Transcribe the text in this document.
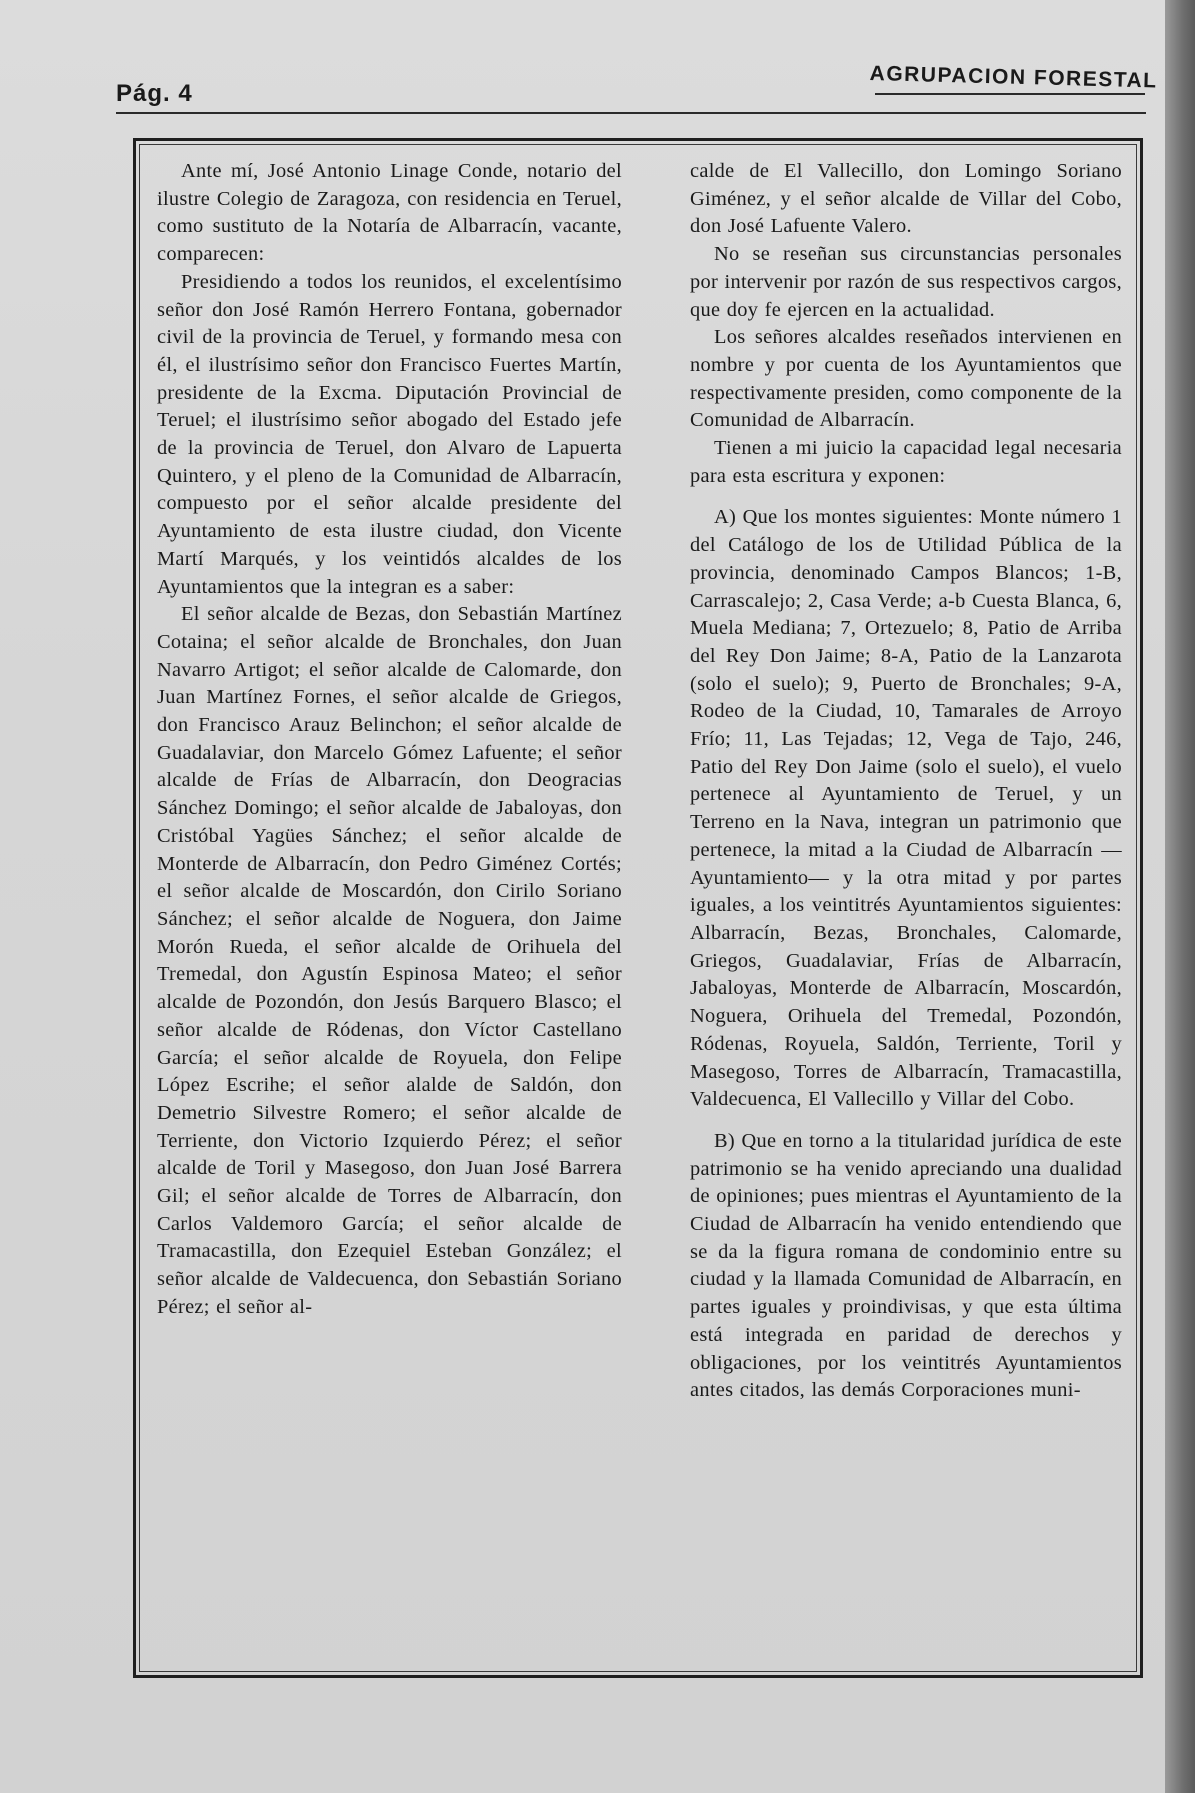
Pág. 4
AGRUPACION FORESTAL

Ante mí, José Antonio Linage Conde, notario del ilustre Colegio de Zaragoza, con residencia en Teruel, como sustituto de la Notaría de Albarracín, vacante, comparecen:

Presidiendo a todos los reunidos, el excelentísimo señor don José Ramón Herrero Fontana, gobernador civil de la provincia de Teruel, y formando mesa con él, el ilustrísimo señor don Francisco Fuertes Martín, presidente de la Excma. Diputación Provincial de Teruel; el ilustrísimo señor abogado del Estado jefe de la provincia de Teruel, don Alvaro de Lapuerta Quintero, y el pleno de la Comunidad de Albarracín, compuesto por el señor alcalde presidente del Ayuntamiento de esta ilustre ciudad, don Vicente Martí Marqués, y los veintidós alcaldes de los Ayuntamientos que la integran es a saber:

El señor alcalde de Bezas, don Sebastián Martínez Cotaina; el señor alcalde de Bronchales, don Juan Navarro Artigot; el señor alcalde de Calomarde, don Juan Martínez Fornes, el señor alcalde de Griegos, don Francisco Arauz Belinchon; el señor alcalde de Guadalaviar, don Marcelo Gómez Lafuente; el señor alcalde de Frías de Albarracín, don Deogracias Sánchez Domingo; el señor alcalde de Jabaloyas, don Cristóbal Yagües Sánchez; el señor alcalde de Monterde de Albarracín, don Pedro Giménez Cortés; el señor alcalde de Moscardón, don Cirilo Soriano Sánchez; el señor alcalde de Noguera, don Jaime Morón Rueda, el señor alcalde de Orihuela del Tremedal, don Agustín Espinosa Mateo; el señor alcalde de Pozondón, don Jesús Barquero Blasco; el señor alcalde de Ródenas, don Víctor Castellano García; el señor alcalde de Royuela, don Felipe López Escrihe; el señor alalde de Saldón, don Demetrio Silvestre Romero; el señor alcalde de Terriente, don Victorio Izquierdo Pérez; el señor alcalde de Toril y Masegoso, don Juan José Barrera Gil; el señor alcalde de Torres de Albarracín, don Carlos Valdemoro García; el señor alcalde de Tramacastilla, don Ezequiel Esteban González; el señor alcalde de Valdecuenca, don Sebastián Soriano Pérez; el señor al-

calde de El Vallecillo, don Lomingo Soriano Giménez, y el señor alcalde de Villar del Cobo, don José Lafuente Valero.

No se reseñan sus circunstancias personales por intervenir por razón de sus respectivos cargos, que doy fe ejercen en la actualidad.

Los señores alcaldes reseñados intervienen en nombre y por cuenta de los Ayuntamientos que respectivamente presiden, como componente de la Comunidad de Albarracín.

Tienen a mi juicio la capacidad legal necesaria para esta escritura y exponen:

A) Que los montes siguientes: Monte número 1 del Catálogo de los de Utilidad Pública de la provincia, denominado Campos Blancos; 1-B, Carrascalejo; 2, Casa Verde; a-b Cuesta Blanca, 6, Muela Mediana; 7, Ortezuelo; 8, Patio de Arriba del Rey Don Jaime; 8-A, Patio de la Lanzarota (solo el suelo); 9, Puerto de Bronchales; 9-A, Rodeo de la Ciudad, 10, Tamarales de Arroyo Frío; 11, Las Tejadas; 12, Vega de Tajo, 246, Patio del Rey Don Jaime (solo el suelo), el vuelo pertenece al Ayuntamiento de Teruel, y un Terreno en la Nava, integran un patrimonio que pertenece, la mitad a la Ciudad de Albarracín —Ayuntamiento— y la otra mitad y por partes iguales, a los veintitrés Ayuntamientos siguientes: Albarracín, Bezas, Bronchales, Calomarde, Griegos, Guadalaviar, Frías de Albarracín, Jabaloyas, Monterde de Albarracín, Moscardón, Noguera, Orihuela del Tremedal, Pozondón, Ródenas, Royuela, Saldón, Terriente, Toril y Masegoso, Torres de Albarracín, Tramacastilla, Valdecuenca, El Vallecillo y Villar del Cobo.

B) Que en torno a la titularidad jurídica de este patrimonio se ha venido apreciando una dualidad de opiniones; pues mientras el Ayuntamiento de la Ciudad de Albarracín ha venido entendiendo que se da la figura romana de condominio entre su ciudad y la llamada Comunidad de Albarracín, en partes iguales y proindivisas, y que esta última está integrada en paridad de derechos y obligaciones, por los veintitrés Ayuntamientos antes citados, las demás Corporaciones muni-
